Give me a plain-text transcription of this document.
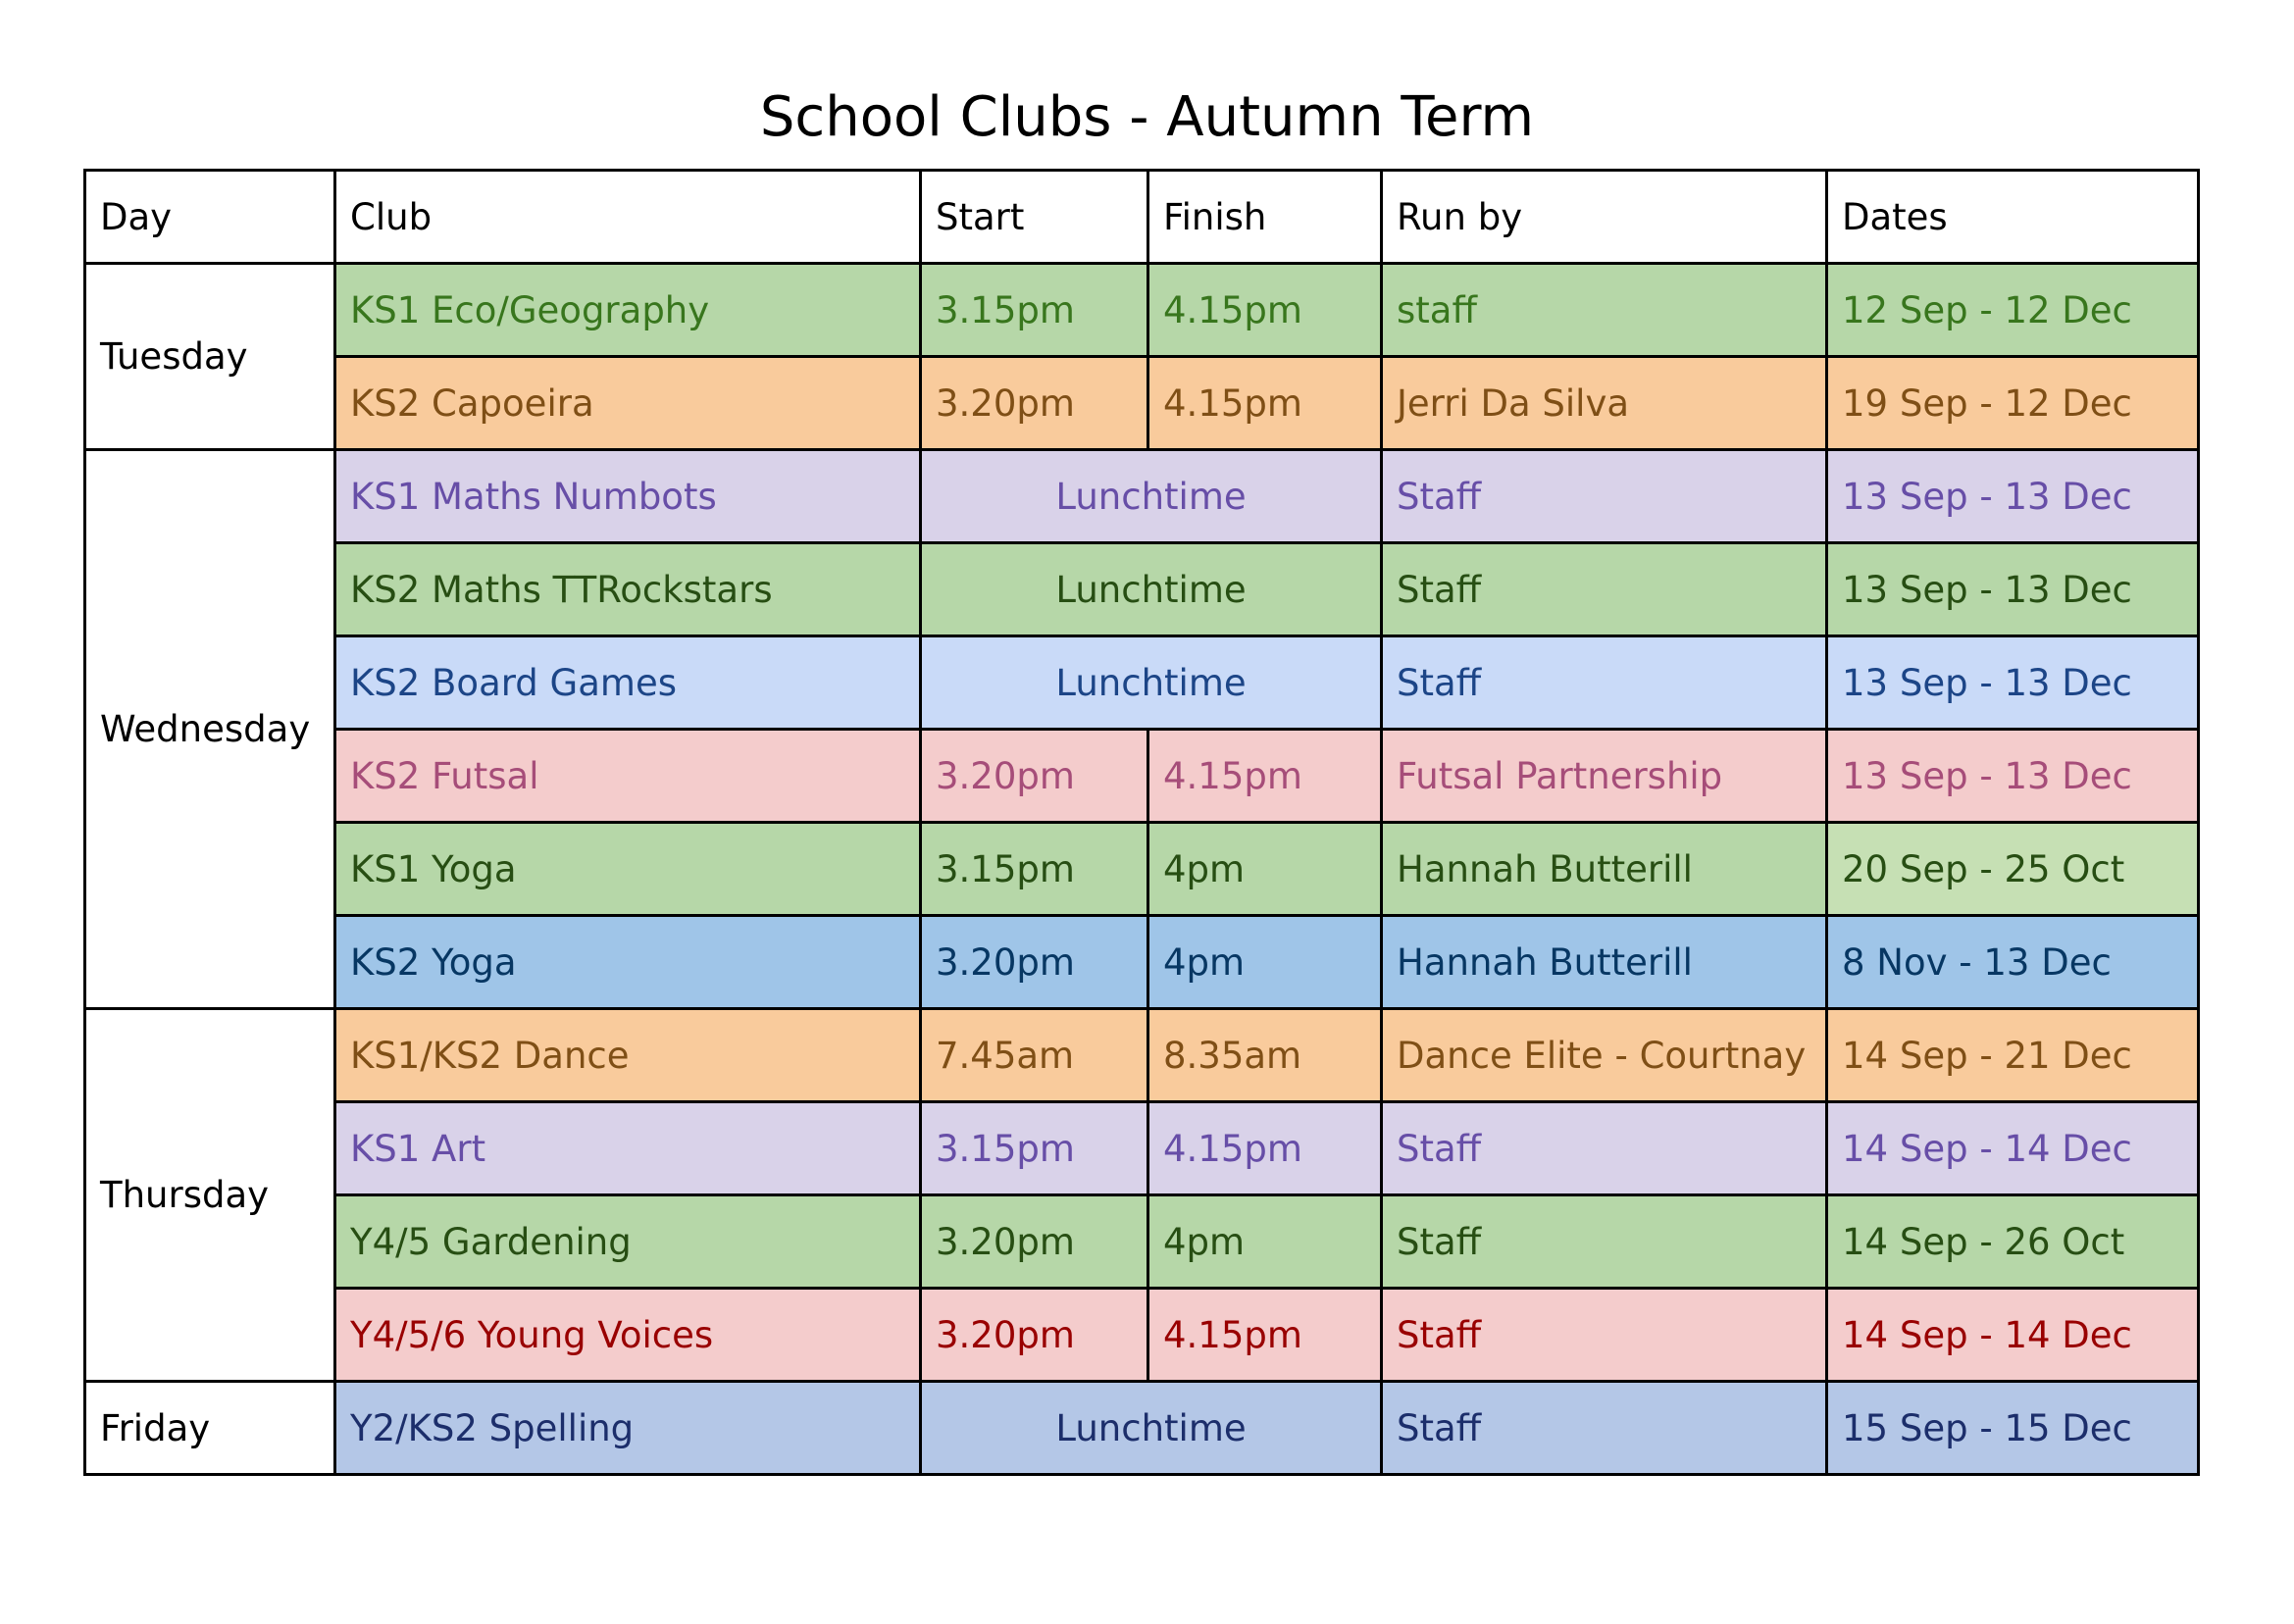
School Clubs - Autumn Term
Day	Club	Start	Finish	Run by	Dates
Tuesday	KS1 Eco/Geography	3.15pm	4.15pm	staff	12 Sep - 12 Dec
	KS2 Capoeira	3.20pm	4.15pm	Jerri Da Silva	19 Sep - 12 Dec
Wednesday	KS1 Maths Numbots	Lunchtime		Staff	13 Sep - 13 Dec
	KS2 Maths TTRockstars	Lunchtime		Staff	13 Sep - 13 Dec
	KS2 Board Games	Lunchtime		Staff	13 Sep - 13 Dec
	KS2 Futsal	3.20pm	4.15pm	Futsal Partnership	13 Sep - 13 Dec
	KS1 Yoga	3.15pm	4pm	Hannah Butterill	20 Sep - 25 Oct
	KS2 Yoga	3.20pm	4pm	Hannah Butterill	8 Nov - 13 Dec
Thursday	KS1/KS2 Dance	7.45am	8.35am	Dance Elite - Courtnay	14 Sep - 21 Dec
	KS1 Art	3.15pm	4.15pm	Staff	14 Sep - 14 Dec
	Y4/5 Gardening	3.20pm	4pm	Staff	14 Sep - 26 Oct
	Y4/5/6 Young Voices	3.20pm	4.15pm	Staff	14 Sep - 14 Dec
Friday	Y2/KS2 Spelling	Lunchtime		Staff	15 Sep - 15 Dec
